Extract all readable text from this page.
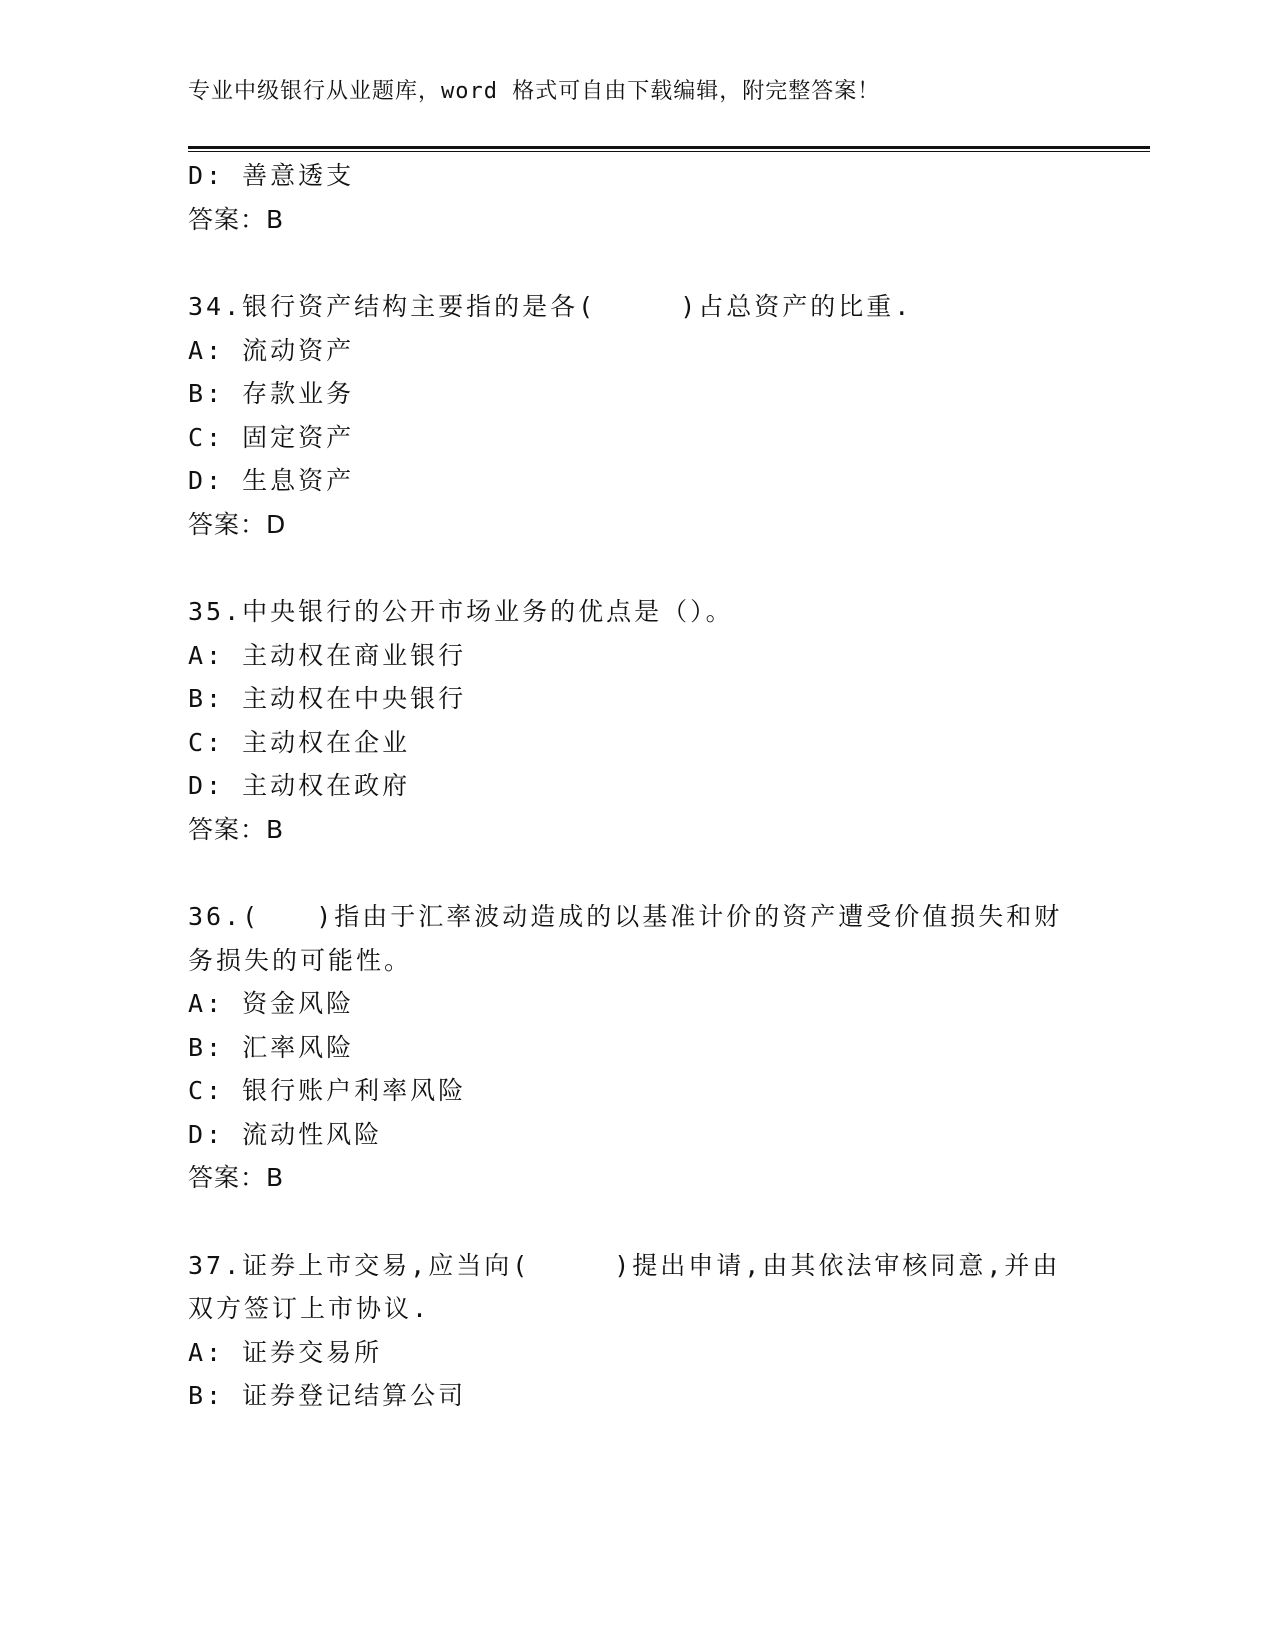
专业中级银行从业题库，word 格式可自由下载编辑，附完整答案！
D: 善意透支
答案：B
34.银行资产结构主要指的是各(　　　)占总资产的比重.
A: 流动资产
B: 存款业务
C: 固定资产
D: 生息资产
答案：D
35.中央银行的公开市场业务的优点是（）。
A: 主动权在商业银行
B: 主动权在中央银行
C: 主动权在企业
D: 主动权在政府
答案：B
36.(　　)指由于汇率波动造成的以基准计价的资产遭受价值损失和财
务损失的可能性。
A: 资金风险
B: 汇率风险
C: 银行账户利率风险
D: 流动性风险
答案：B
37.证券上市交易,应当向(　　　)提出申请,由其依法审核同意,并由
双方签订上市协议.
A: 证券交易所
B: 证券登记结算公司
